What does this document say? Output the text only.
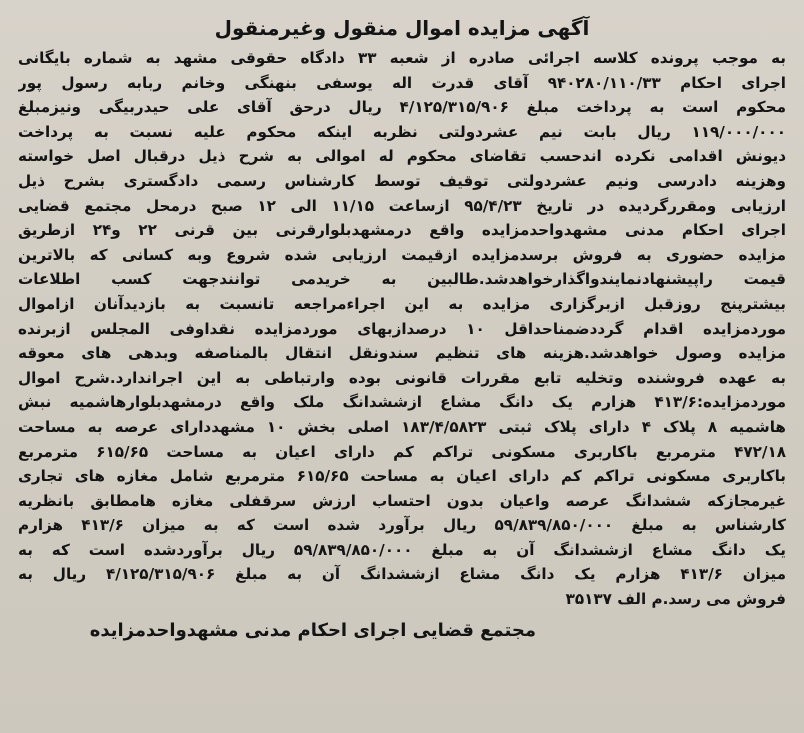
آگهی مزایده اموال منقول وغیرمنقول
به موجب پرونده کلاسه اجرائی صادره از شعبه ۳۳ دادگاه حقوقی مشهد به شماره بایگانی
اجرای احکام ۹۴۰۲۸۰/۱۱۰/۳۳ آقای قدرت اله یوسفی بنهنگی وخانم ربابه رسول پور
محکوم است به پرداخت مبلغ ۴/۱۲۵/۳۱۵/۹۰۶ ریال درحق آقای علی حیدربیگی ونیزمبلغ
۱۱۹/۰۰۰/۰۰۰ ریال بابت نیم عشردولتی نظربه اینکه محکوم علیه نسبت به پرداخت
دیونش اقدامی نکرده اندحسب تقاضای محکوم له اموالی به شرح ذیل درقبال اصل خواسته
وهزینه دادرسی ونیم عشردولتی توقیف توسط کارشناس رسمی دادگستری بشرح ذیل
ارزیابی ومقررگردیده در تاریخ ۹۵/۴/۲۳ ازساعت ۱۱/۱۵ الی ۱۲ صبح درمحل مجتمع قضایی
اجرای احکام مدنی مشهدواحدمزایده واقع درمشهدبلوارقرنی بین قرنی ۲۲ و۲۴ ازطریق
مزایده حضوری به فروش برسدمزایده ازقیمت ارزیابی شده شروع وبه کسانی که بالاترین
قیمت راپیشنهادنمایندواگذارخواهدشد.طالبین به خریدمی توانندجهت کسب اطلاعات
بیشترپنج روزقبل ازبرگزاری مزایده به این اجراءمراجعه تانسبت به بازدیدآنان ازاموال
موردمزایده اقدام گرددضمناحداقل ۱۰ درصدازبهای موردمزایده نقداوفی المجلس ازبرنده
مزایده وصول خواهدشد.هزینه های تنظیم سندونقل انتقال بالمناصفه وبدهی های معوقه
به عهده فروشنده وتخلیه تابع مقررات قانونی بوده وارتباطی به این اجراندارد.شرح اموال
موردمزایده:۴۱۳/۶ هزارم یک دانگ مشاع ازششدانگ ملک واقع درمشهدبلوارهاشمیه نبش
هاشمیه ۸ پلاک ۴ دارای پلاک ثبتی ۱۸۳/۴/۵۸۲۳ اصلی بخش ۱۰ مشهددارای عرصه به مساحت
۴۷۲/۱۸ مترمربع باکاربری مسکونی تراکم کم دارای اعیان به مساحت ۶۱۵/۶۵ مترمربع
باکاربری مسکونی تراکم کم دارای اعیان به مساحت ۶۱۵/۶۵ مترمربع شامل مغازه های تجاری
غیرمجازکه ششدانگ عرصه واعیان بدون احتساب ارزش سرقفلی مغازه هامطابق بانظریه
کارشناس به مبلغ ۵۹/۸۳۹/۸۵۰/۰۰۰ ریال برآورد شده است که به میزان ۴۱۳/۶ هزارم
یک دانگ مشاع ازششدانگ آن به مبلغ ۵۹/۸۳۹/۸۵۰/۰۰۰ ریال برآوردشده است که به
میزان ۴۱۳/۶ هزارم یک دانگ مشاع ازششدانگ آن به مبلغ ۴/۱۲۵/۳۱۵/۹۰۶ ریال به
فروش می رسد.م الف ۳۵۱۳۷
مجتمع قضایی اجرای احکام مدنی مشهدواحدمزایده
